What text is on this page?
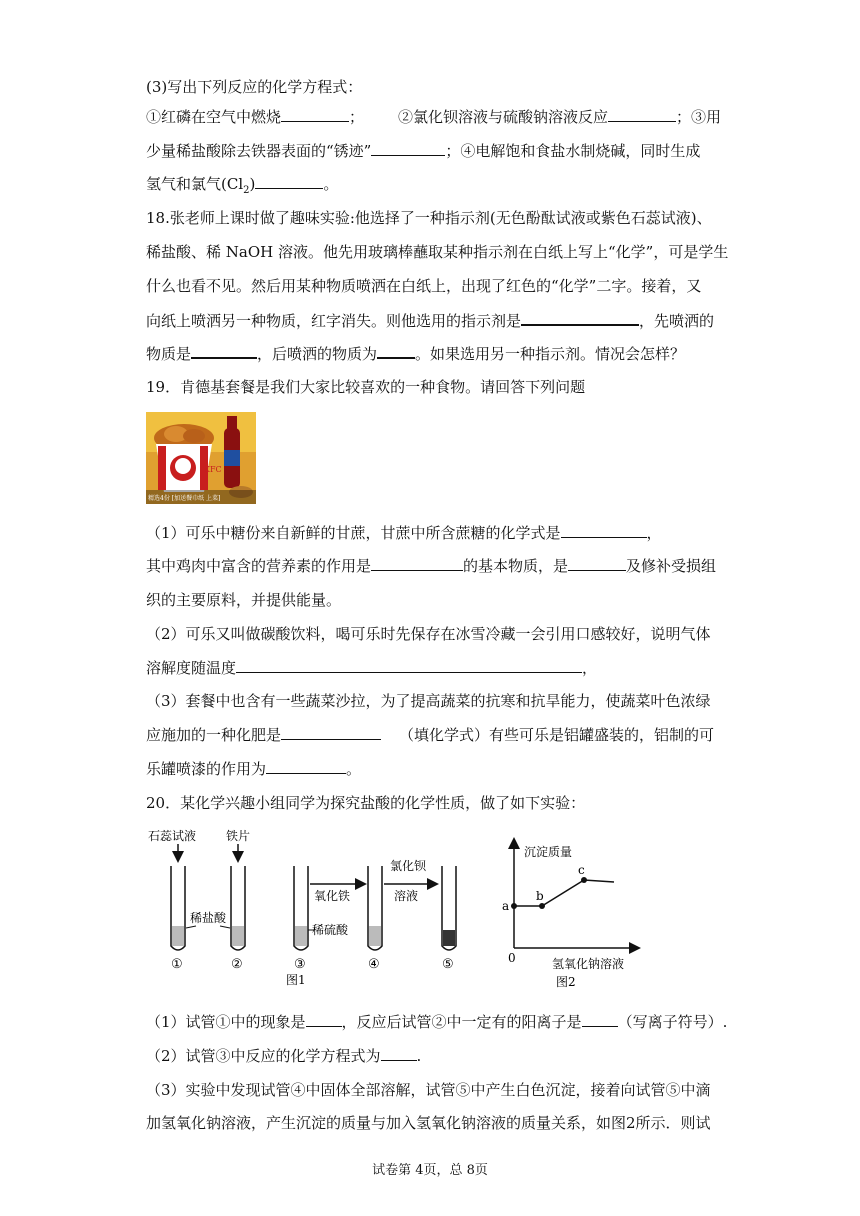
(3)写出下列反应的化学方程式：
①红磷在空气中燃烧	； ②氯化钡溶液与硫酸钠溶液反应	；③用
少量稀盐酸除去铁器表面的“锈迹”	；④电解饱和食盐水制烧碱，同时生成
氢气和氯气$(Cl_2)$	。
18.张老师上课时做了趣味实验:他选择了一种指示剂(无色酚酞试液或紫色石蕊试液)、
稀盐酸、稀 NaOH 溶液。他先用玻璃棒蘸取某种指示剂在白纸上写上“化学”，可是学生
什么也看不见。然后用某种物质喷洒在白纸上，出现了红色的“化学”二字。接着，又
向纸上喷洒另一种物质，红字消失。则他选用的指示剂是	，先喷洒的
物质是	，后喷洒的物质为	。如果选用另一种指示剂。情况会怎样？
19．肯德基套餐是我们大家比较喜欢的一种食物。请回答下列问题
KFC
精选4份 [加送餐巾纸 上菜]
（1）可乐中糖份来自新鲜的甘蔗，甘蔗中所含蔗糖的化学式是	，
其中鸡肉中富含的营养素的作用是	的基本物质，是	及修补受损组
织的主要原料，并提供能量。
（2）可乐又叫做碳酸饮料，喝可乐时先保存在冰雪冷藏一会引用口感较好，说明气体
溶解度随温度	，
（3）套餐中也含有一些蔬菜沙拉，为了提高蔬菜的抗寒和抗旱能力，使蔬菜叶色浓绿
应施加的一种化肥是	（填化学式）有些可乐是铝罐盛装的，铝制的可
乐罐喷漆的作用为	。
20．某化学兴趣小组同学为探究盐酸的化学性质，做了如下实验：
石蕊试液 铁片
稀盐酸
①	②
氧化铁
稀硫酸
③
氯化钡
溶液
④	⑤
图1
沉淀质量
0	氢氧化钠溶液
图2
a
b
c
（1）试管①中的现象是 ，反应后试管②中一定有的阳离子是 （写离子符号）.
（2）试管③中反应的化学方程式为 .
（3）实验中发现试管④中固体全部溶解，试管⑤中产生白色沉淀，接着向试管⑤中滴
加氢氧化钠溶液，产生沉淀的质量与加入氢氧化钠溶液的质量关系，如图2所示．则试
试卷第 4页，总 8页
